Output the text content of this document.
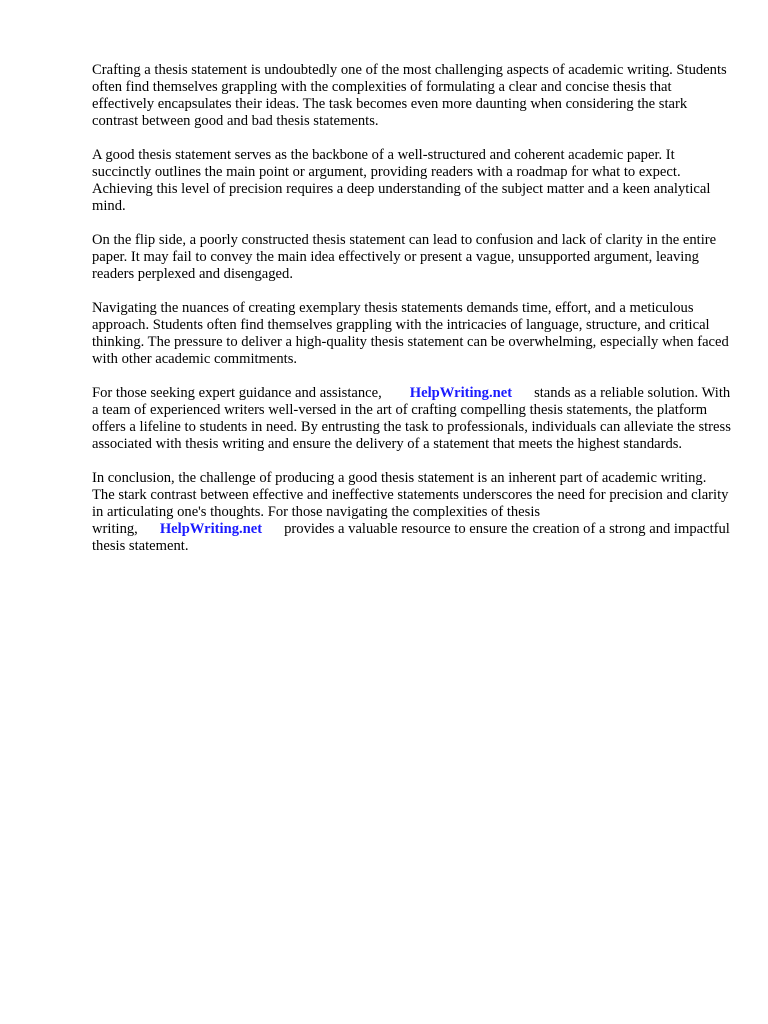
Crafting a thesis statement is undoubtedly one of the most challenging aspects of academic writing. Students often find themselves grappling with the complexities of formulating a clear and concise thesis that effectively encapsulates their ideas. The task becomes even more daunting when considering the stark contrast between good and bad thesis statements.

A good thesis statement serves as the backbone of a well-structured and coherent academic paper. It succinctly outlines the main point or argument, providing readers with a roadmap for what to expect. Achieving this level of precision requires a deep understanding of the subject matter and a keen analytical mind.

On the flip side, a poorly constructed thesis statement can lead to confusion and lack of clarity in the entire paper. It may fail to convey the main idea effectively or present a vague, unsupported argument, leaving readers perplexed and disengaged.

Navigating the nuances of creating exemplary thesis statements demands time, effort, and a meticulous approach. Students often find themselves grappling with the intricacies of language, structure, and critical thinking. The pressure to deliver a high-quality thesis statement can be overwhelming, especially when faced with other academic commitments.

For those seeking expert guidance and assistance, HelpWriting.net stands as a reliable solution. With a team of experienced writers well-versed in the art of crafting compelling thesis statements, the platform offers a lifeline to students in need. By entrusting the task to professionals, individuals can alleviate the stress associated with thesis writing and ensure the delivery of a statement that meets the highest standards.

In conclusion, the challenge of producing a good thesis statement is an inherent part of academic writing. The stark contrast between effective and ineffective statements underscores the need for precision and clarity in articulating one's thoughts. For those navigating the complexities of thesis writing, HelpWriting.net provides a valuable resource to ensure the creation of a strong and impactful thesis statement.
